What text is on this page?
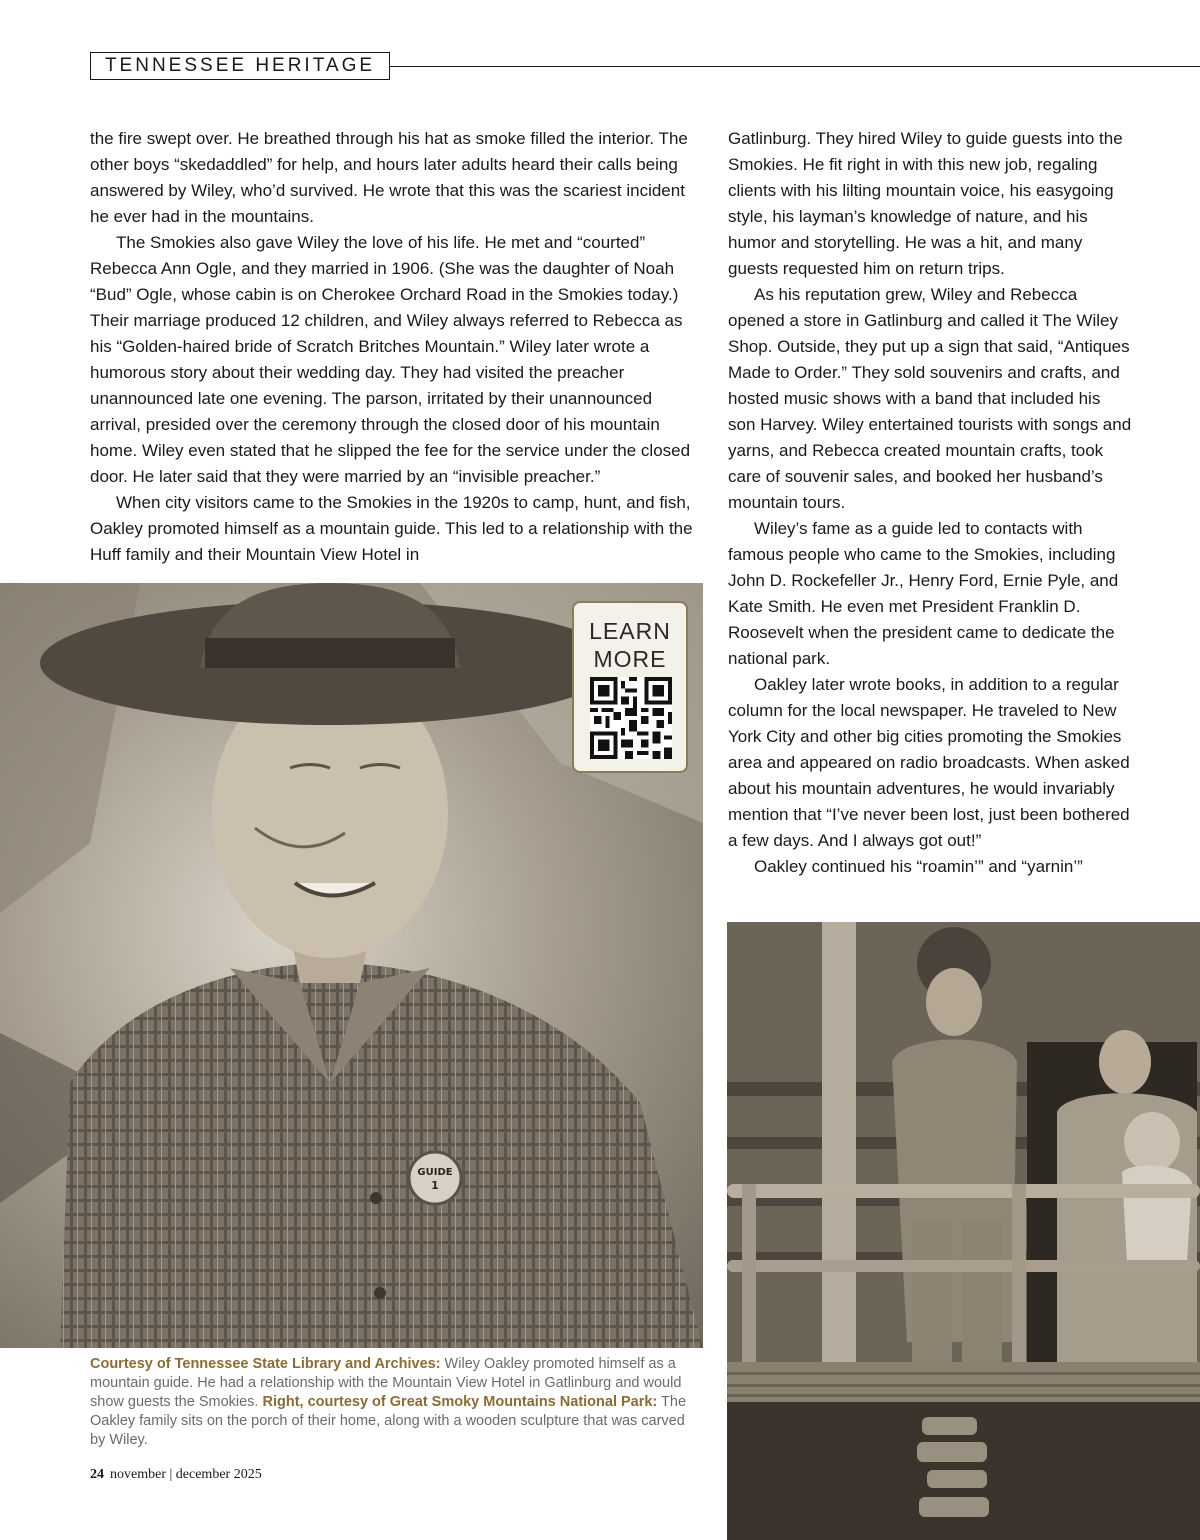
TENNESSEE HERITAGE

the fire swept over. He breathed through his hat as smoke filled the interior. The other boys “skedaddled” for help, and hours later adults heard their calls being answered by Wiley, who’d survived. He wrote that this was the scariest incident he ever had in the mountains.

The Smokies also gave Wiley the love of his life. He met and “courted” Rebecca Ann Ogle, and they married in 1906. (She was the daughter of Noah “Bud” Ogle, whose cabin is on Cherokee Orchard Road in the Smokies today.) Their marriage produced 12 children, and Wiley always referred to Rebecca as his “Golden-haired bride of Scratch Britches Mountain.” Wiley later wrote a humorous story about their wedding day. They had visited the preacher unannounced late one evening. The parson, irritated by their unannounced arrival, presided over the ceremony through the closed door of his mountain home. Wiley even stated that he slipped the fee for the service under the closed door. He later said that they were married by an “invisible preacher.”

When city visitors came to the Smokies in the 1920s to camp, hunt, and fish, Oakley promoted himself as a mountain guide. This led to a relationship with the Huff family and their Mountain View Hotel in

Gatlinburg. They hired Wiley to guide guests into the Smokies. He fit right in with this new job, regaling clients with his lilting mountain voice, his easygoing style, his layman’s knowledge of nature, and his humor and storytelling. He was a hit, and many guests requested him on return trips.

As his reputation grew, Wiley and Rebecca opened a store in Gatlinburg and called it The Wiley Shop. Outside, they put up a sign that said, “Antiques Made to Order.” They sold souvenirs and crafts, and hosted music shows with a band that included his son Harvey. Wiley entertained tourists with songs and yarns, and Rebecca created mountain crafts, took care of souvenir sales, and booked her husband’s mountain tours.

Wiley’s fame as a guide led to contacts with famous people who came to the Smokies, including John D. Rockefeller Jr., Henry Ford, Ernie Pyle, and Kate Smith. He even met President Franklin D. Roosevelt when the president came to dedicate the national park.

Oakley later wrote books, in addition to a regular column for the local newspaper. He traveled to New York City and other big cities promoting the Smokies area and appeared on radio broadcasts. When asked about his mountain adventures, he would invariably mention that “I’ve never been lost, just been bothered a few days. And I always got out!”

Oakley continued his “roamin’” and “yarnin’”

GUIDE
1
LEARN
MORE
Courtesy of Tennessee State Library and Archives: Wiley Oakley promoted himself as a mountain guide. He had a relationship with the Mountain View Hotel in Gatlinburg and would show guests the Smokies. Right, courtesy of Great Smoky Mountains National Park: The Oakley family sits on the porch of their home, along with a wooden sculpture that was carved by Wiley.
24 november | december 2025
